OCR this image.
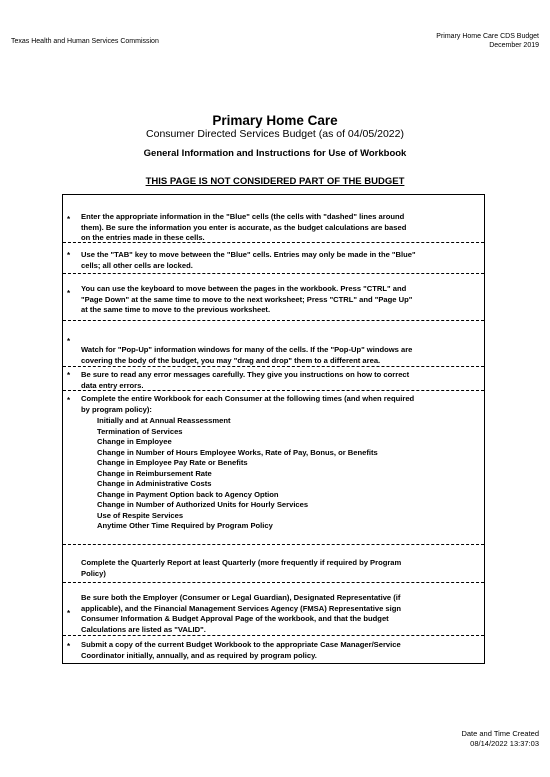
Texas Health and Human Services Commission
Primary Home Care CDS Budget
December 2019
Primary Home Care
Consumer Directed Services Budget (as of 04/05/2022)
General Information and Instructions for Use of Workbook
THIS PAGE IS NOT CONSIDERED PART OF THE BUDGET
* Enter the appropriate information in the "Blue" cells (the cells with "dashed" lines around
them). Be sure the information you enter is accurate, as the budget calculations are based
on the entries made in these cells.
* Use the "TAB" key to move between the "Blue" cells. Entries may only be made in the "Blue"
cells; all other cells are locked.
*
You can use the keyboard to move between the pages in the workbook. Press "CTRL" and
"Page Down" at the same time to move to the next worksheet; Press "CTRL" and "Page Up"
at the same time to move to the previous worksheet.
*
Watch for "Pop-Up" information windows for many of the cells. If the "Pop-Up" windows are
covering the body of the budget, you may "drag and drop" them to a different area.
* Be sure to read any error messages carefully. They give you instructions on how to correct
data entry errors.
* Complete the entire Workbook for each Consumer at the following times (and when required
by program policy):
Initially and at Annual Reassessment
Termination of Services
Change in Employee
Change in Number of Hours Employee Works, Rate of Pay, Bonus, or Benefits
Change in Employee Pay Rate or Benefits
Change in Reimbursement Rate
Change in Administrative Costs
Change in Payment Option back to Agency Option
Change in Number of Authorized Units for Hourly Services
Use of Respite Services
Anytime Other Time Required by Program Policy
Complete the Quarterly Report at least Quarterly (more frequently if required by Program
Policy)
*
Be sure both the Employer (Consumer or Legal Guardian), Designated Representative (if
applicable), and the Financial Management Services Agency (FMSA) Representative sign
Consumer Information & Budget Approval Page of the workbook, and that the budget
Calculations are listed as "VALID".
* Submit a copy of the current Budget Workbook to the appropriate Case Manager/Service
Coordinator initially, annually, and as required by program policy.
Date and Time Created
08/14/2022 13:37:03
